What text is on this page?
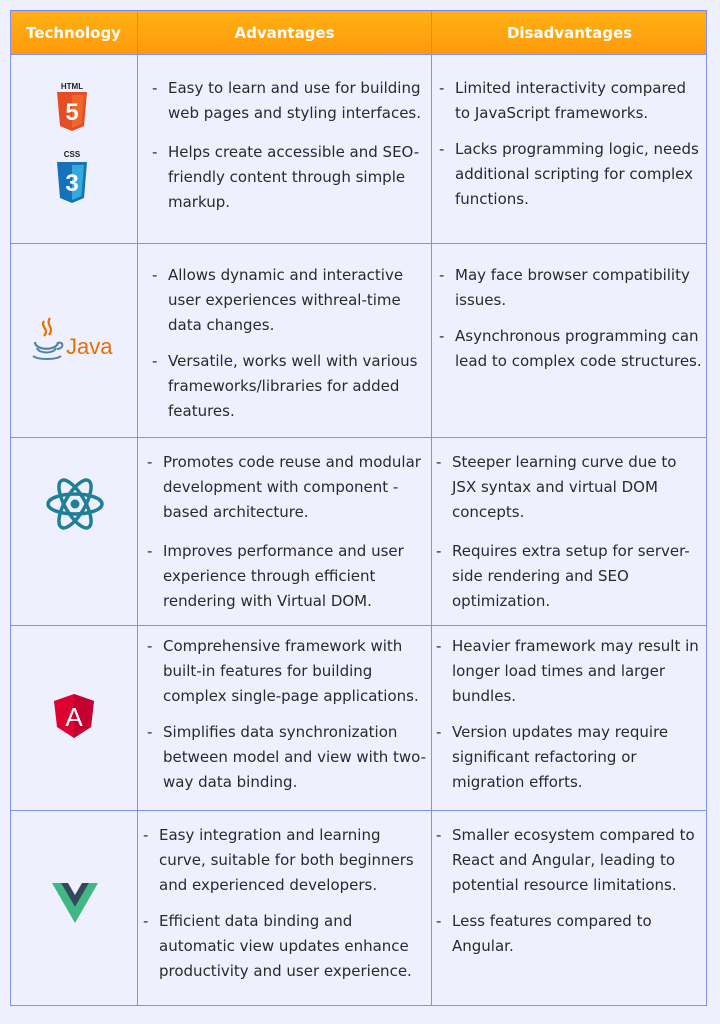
Technology	Advantages	Disadvantages
HTML
5
CSS
3
- Easy to learn and use for building web pages and styling interfaces.
- Helps create accessible and SEO-friendly content through simple markup.
- Limited interactivity compared to JavaScript frameworks.
- Lacks programming logic, needs additional scripting for complex functions.
Java
- Allows dynamic and interactive user experiences withreal-time data changes.
- Versatile, works well with various frameworks/libraries for added features.
- May face browser compatibility issues.
- Asynchronous programming can lead to complex code structures.
- Promotes code reuse and modular development with component -based architecture.
- Improves performance and user experience through efficient rendering with Virtual DOM.
- Steeper learning curve due to JSX syntax and virtual DOM concepts.
- Requires extra setup for server-side rendering and SEO optimization.
A
- Comprehensive framework with built-in features for building complex single-page applications.
- Simplifies data synchronization between model and view with two-way data binding.
- Heavier framework may result in longer load times and larger bundles.
- Version updates may require significant refactoring or migration efforts.
- Easy integration and learning curve, suitable for both beginners and experienced developers.
- Efficient data binding and automatic view updates enhance productivity and user experience.
- Smaller ecosystem compared to React and Angular, leading to potential resource limitations.
- Less features compared to Angular.
